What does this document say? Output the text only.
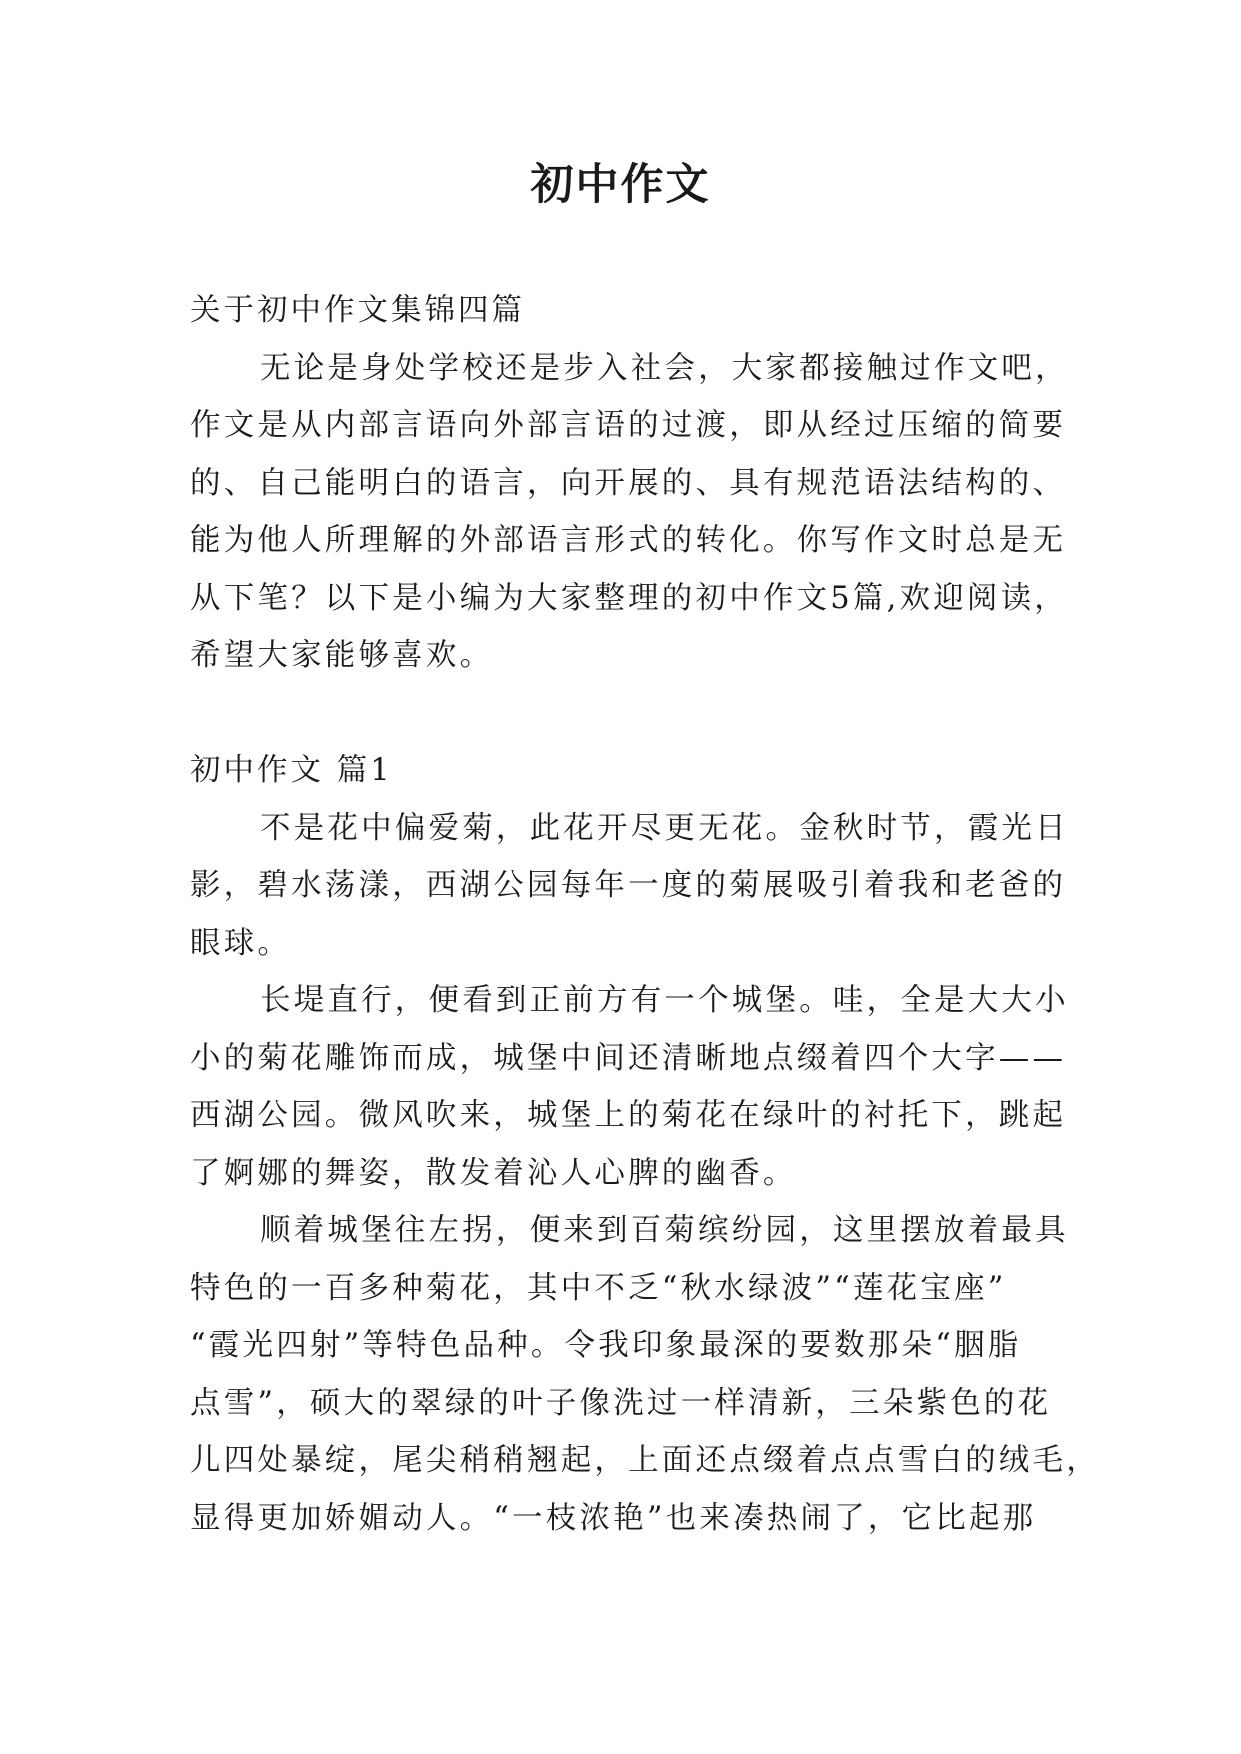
初中作文
关于初中作文集锦四篇
无论是身处学校还是步入社会，大家都接触过作文吧，
作文是从内部言语向外部言语的过渡，即从经过压缩的简要
的、自己能明白的语言，向开展的、具有规范语法结构的、
能为他人所理解的外部语言形式的转化。你写作文时总是无
从下笔？以下是小编为大家整理的初中作文5篇,欢迎阅读，
希望大家能够喜欢。
初中作文 篇1
不是花中偏爱菊，此花开尽更无花。金秋时节，霞光日
影，碧水荡漾，西湖公园每年一度的菊展吸引着我和老爸的
眼球。
长堤直行，便看到正前方有一个城堡。哇，全是大大小
小的菊花雕饰而成，城堡中间还清晰地点缀着四个大字——
西湖公园。微风吹来，城堡上的菊花在绿叶的衬托下，跳起
了婀娜的舞姿，散发着沁人心脾的幽香。
顺着城堡往左拐，便来到百菊缤纷园，这里摆放着最具
特色的一百多种菊花，其中不乏“秋水绿波”“莲花宝座”
“霞光四射”等特色品种。令我印象最深的要数那朵“胭脂
点雪”，硕大的翠绿的叶子像洗过一样清新，三朵紫色的花
儿四处暴绽，尾尖稍稍翘起，上面还点缀着点点雪白的绒毛，
显得更加娇媚动人。“一枝浓艳”也来凑热闹了，它比起那
